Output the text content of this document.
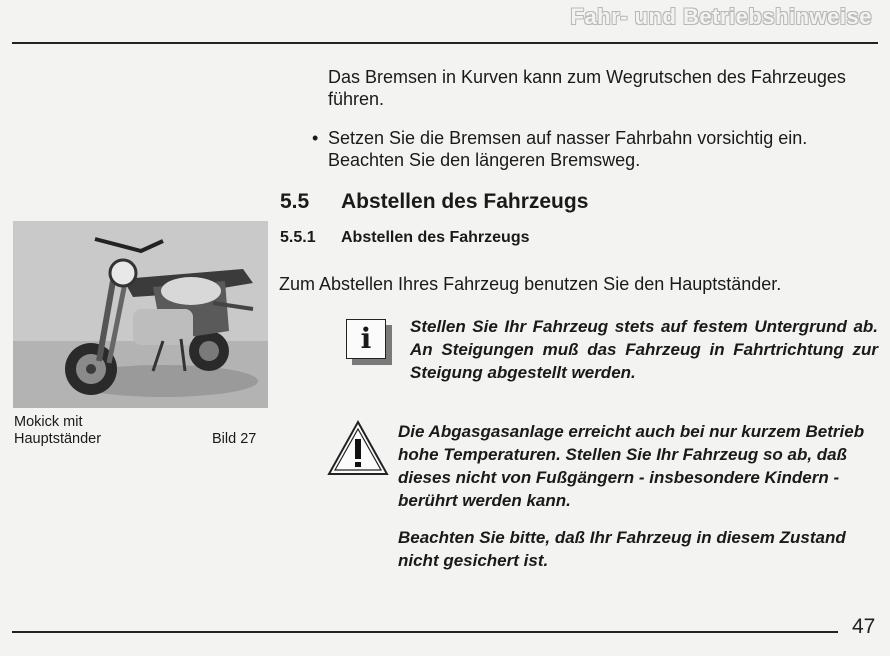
Fahr- und Betriebshinweise
Das Bremsen in Kurven kann zum Wegrutschen des Fahrzeuges führen.
• Setzen Sie die Bremsen auf nasser Fahrbahn vorsichtig ein. Beachten Sie den längeren Bremsweg.
5.5 Abstellen des Fahrzeugs
5.5.1 Abstellen des Fahrzeugs
Zum Abstellen Ihres Fahrzeug benutzen Sie den Hauptständer.
i	Stellen Sie Ihr Fahrzeug stets auf festem Untergrund ab. An Steigungen muß das Fahrzeug in Fahrtrichtung zur Steigung abgestellt werden.
Die Abgasgasanlage erreicht auch bei nur kurzem Betrieb hohe Temperaturen. Stellen Sie Ihr Fahrzeug so ab, daß dieses nicht von Fußgängern - insbesondere Kindern - berührt werden kann.
Beachten Sie bitte, daß Ihr Fahrzeug in diesem Zustand nicht gesichert ist.
Mokick mit
Hauptständer	Bild 27
47
